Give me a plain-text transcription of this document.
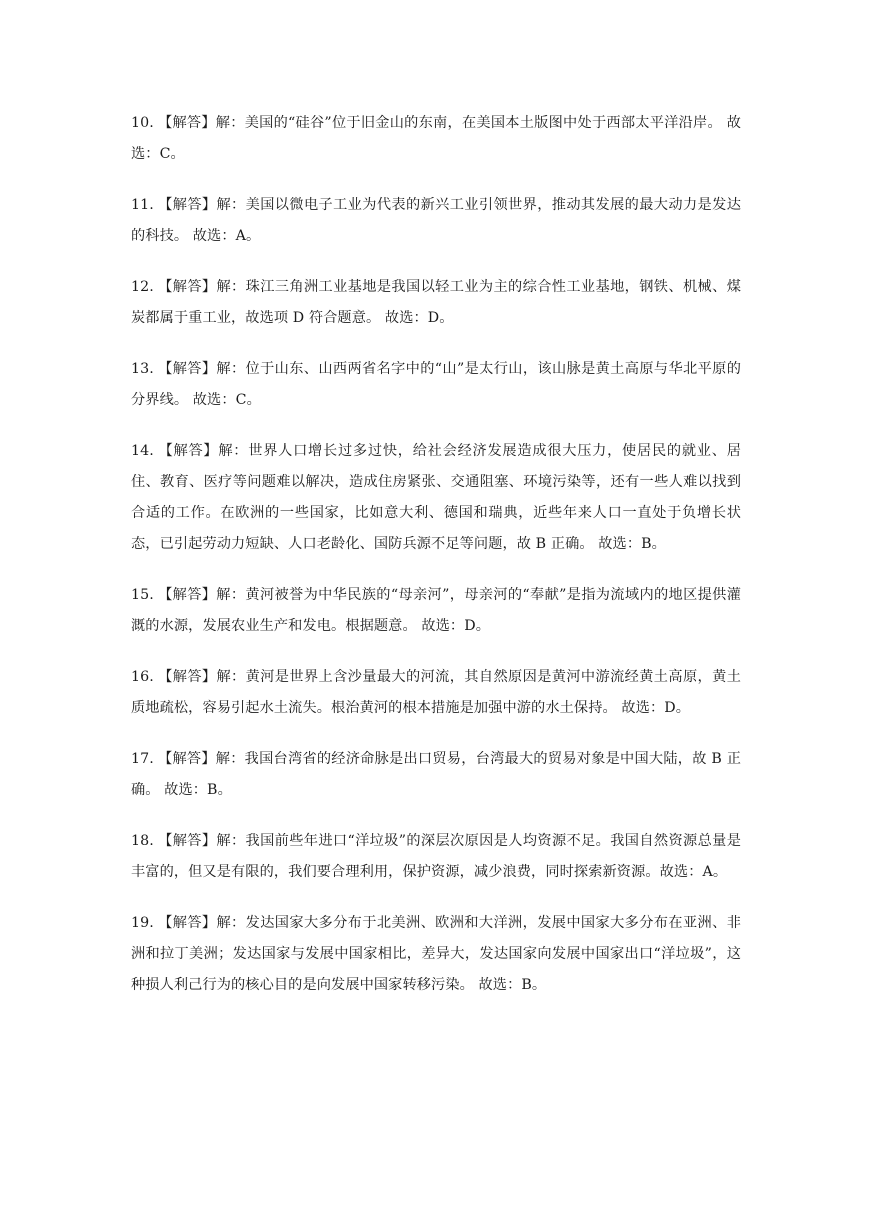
10. 【解答】解：美国的“硅谷”位于旧金山的东南，在美国本土版图中处于西部太平洋沿岸。 故选：C。

11. 【解答】解：美国以微电子工业为代表的新兴工业引领世界，推动其发展的最大动力是发达的科技。 故选：A。

12. 【解答】解：珠江三角洲工业基地是我国以轻工业为主的综合性工业基地，钢铁、机械、煤炭都属于重工业，故选项 D 符合题意。 故选：D。

13. 【解答】解：位于山东、山西两省名字中的“山”是太行山，该山脉是黄土高原与华北平原的分界线。 故选：C。

14. 【解答】解：世界人口增长过多过快，给社会经济发展造成很大压力，使居民的就业、居住、教育、医疗等问题难以解决，造成住房紧张、交通阻塞、环境污染等，还有一些人难以找到合适的工作。在欧洲的一些国家，比如意大利、德国和瑞典，近些年来人口一直处于负增长状态，已引起劳动力短缺、人口老龄化、国防兵源不足等问题，故 B 正确。 故选：B。

15. 【解答】解：黄河被誉为中华民族的“母亲河”，母亲河的“奉献”是指为流域内的地区提供灌溉的水源，发展农业生产和发电。根据题意。 故选：D。

16. 【解答】解：黄河是世界上含沙量最大的河流，其自然原因是黄河中游流经黄土高原，黄土质地疏松，容易引起水土流失。根治黄河的根本措施是加强中游的水土保持。 故选：D。

17. 【解答】解：我国台湾省的经济命脉是出口贸易，台湾最大的贸易对象是中国大陆，故 B 正确。 故选：B。

18. 【解答】解：我国前些年进口“洋垃圾”的深层次原因是人均资源不足。我国自然资源总量是丰富的，但又是有限的，我们要合理利用，保护资源，减少浪费，同时探索新资源。故选：A。

19. 【解答】解：发达国家大多分布于北美洲、欧洲和大洋洲，发展中国家大多分布在亚洲、非洲和拉丁美洲；发达国家与发展中国家相比，差异大，发达国家向发展中国家出口“洋垃圾”，这种损人利己行为的核心目的是向发展中国家转移污染。 故选：B。
